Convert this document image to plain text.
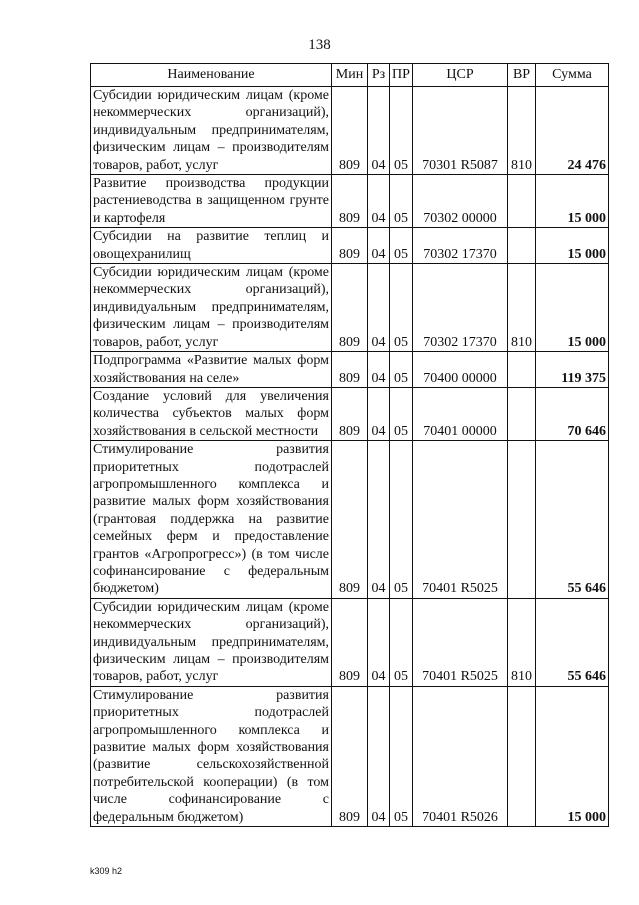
138
Наименование	Мин	Рз	ПР	ЦСР	ВР	Сумма
Субсидии юридическим лицам (кроме некоммерческих организаций), индивидуальным предпринимателям, физическим лицам – производителям товаров, работ, услуг	809	04	05	70301 R5087	810	24 476
Развитие производства продукции растениеводства в защищенном грунте и картофеля	809	04	05	70302 00000		15 000
Субсидии на развитие теплиц и овощехранилищ	809	04	05	70302 17370		15 000
Субсидии юридическим лицам (кроме некоммерческих организаций), индивидуальным предпринимателям, физическим лицам – производителям товаров, работ, услуг	809	04	05	70302 17370	810	15 000
Подпрограмма «Развитие малых форм хозяйствования на селе»	809	04	05	70400 00000		119 375
Создание условий для увеличения количества субъектов малых форм хозяйствования в сельской местности	809	04	05	70401 00000		70 646
Стимулирование развития приоритетных подотраслей агропромышленного комплекса и развитие малых форм хозяйствования (грантовая поддержка на развитие семейных ферм и предоставление грантов «Агропрогресс») (в том числе софинансирование с федеральным бюджетом)	809	04	05	70401 R5025		55 646
Субсидии юридическим лицам (кроме некоммерческих организаций), индивидуальным предпринимателям, физическим лицам – производителям товаров, работ, услуг	809	04	05	70401 R5025	810	55 646
Стимулирование развития приоритетных подотраслей агропромышленного комплекса и развитие малых форм хозяйствования (развитие сельскохозяйственной потребительской кооперации) (в том числе софинансирование с федеральным бюджетом)	809	04	05	70401 R5026		15 000
k309 h2
